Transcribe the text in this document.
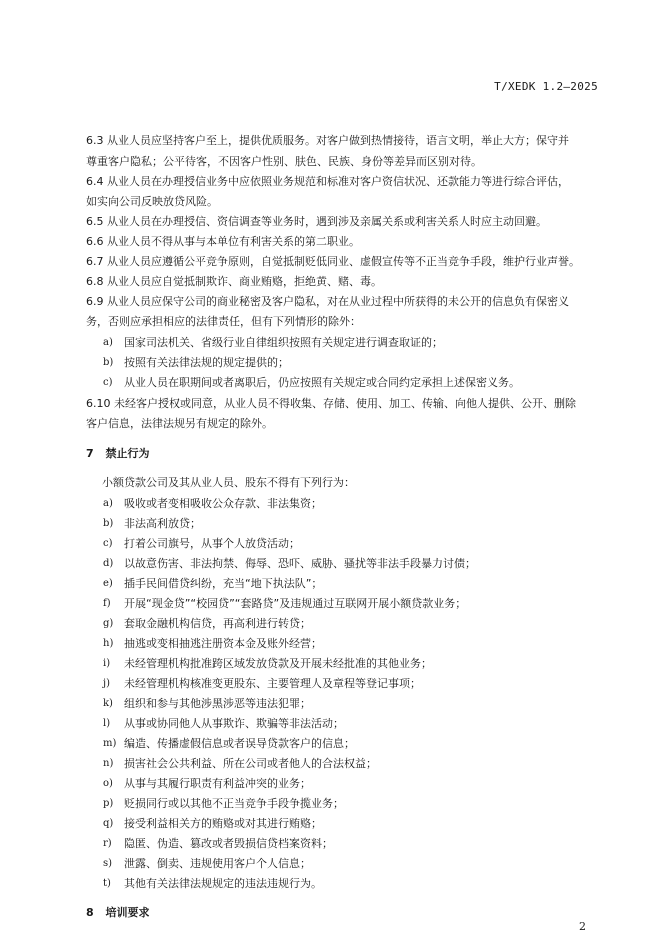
T/XEDK 1.2—2025
6.3 从业人员应坚持客户至上，提供优质服务。对客户做到热情接待，语言文明，举止大方；保守并
尊重客户隐私；公平待客，不因客户性别、肤色、民族、身份等差异而区别对待。
6.4 从业人员在办理授信业务中应依照业务规范和标准对客户资信状况、还款能力等进行综合评估，
如实向公司反映放贷风险。
6.5 从业人员在办理授信、资信调查等业务时，遇到涉及亲属关系或利害关系人时应主动回避。
6.6 从业人员不得从事与本单位有利害关系的第二职业。
6.7 从业人员应遵循公平竞争原则，自觉抵制贬低同业、虚假宣传等不正当竞争手段，维护行业声誉。
6.8 从业人员应自觉抵制欺诈、商业贿赂，拒绝黄、赌、毒。
6.9 从业人员应保守公司的商业秘密及客户隐私，对在从业过程中所获得的未公开的信息负有保密义
务，否则应承担相应的法律责任，但有下列情形的除外：
a) 国家司法机关、省级行业自律组织按照有关规定进行调查取证的；
b) 按照有关法律法规的规定提供的；
c) 从业人员在职期间或者离职后，仍应按照有关规定或合同约定承担上述保密义务。
6.10 未经客户授权或同意，从业人员不得收集、存储、使用、加工、传输、向他人提供、公开、删除
客户信息，法律法规另有规定的除外。
7 禁止行为
小额贷款公司及其从业人员、股东不得有下列行为：
a) 吸收或者变相吸收公众存款、非法集资；
b) 非法高利放贷；
c) 打着公司旗号，从事个人放贷活动；
d) 以故意伤害、非法拘禁、侮辱、恐吓、威胁、骚扰等非法手段暴力讨债；
e) 插手民间借贷纠纷，充当“地下执法队”；
f) 开展“现金贷”“校园贷”“套路贷”及违规通过互联网开展小额贷款业务；
g) 套取金融机构信贷，再高利进行转贷；
h) 抽逃或变相抽逃注册资本金及账外经营；
i) 未经管理机构批准跨区域发放贷款及开展未经批准的其他业务；
j) 未经管理机构核准变更股东、主要管理人及章程等登记事项；
k) 组织和参与其他涉黑涉恶等违法犯罪；
l) 从事或协同他人从事欺诈、欺骗等非法活动；
m) 编造、传播虚假信息或者误导贷款客户的信息；
n) 损害社会公共利益、所在公司或者他人的合法权益；
o) 从事与其履行职责有利益冲突的业务；
p) 贬损同行或以其他不正当竞争手段争揽业务；
q) 接受利益相关方的贿赂或对其进行贿赂；
r) 隐匿、伪造、篡改或者毁损信贷档案资料；
s) 泄露、倒卖、违规使用客户个人信息；
t) 其他有关法律法规规定的违法违规行为。
8 培训要求
2
